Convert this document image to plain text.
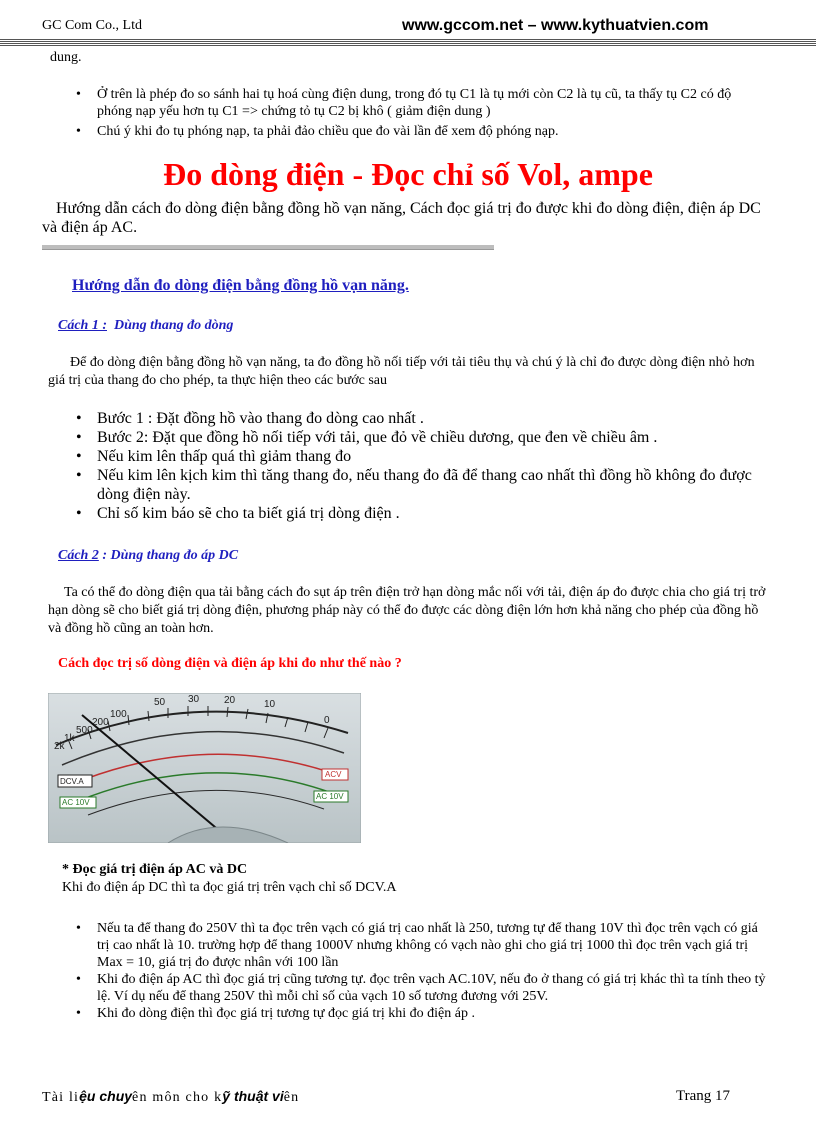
GC Com Co., Ltd	www.gccom.net – www.kythuatvien.com
dung.
• Ở trên là phép đo so sánh hai tụ hoá cùng điện dung, trong đó tụ C1 là tụ mới còn C2 là tụ cũ, ta thấy tụ C2 có độ phóng nạp yếu hơn tụ C1 => chứng tỏ tụ C2 bị khô ( giảm điện dung )
• Chú ý khi đo tụ phóng nạp, ta phải đảo chiều que đo vài lần để xem độ phóng nạp.
Đo dòng điện - Đọc chỉ số Vol, ampe
Hướng dẫn cách đo dòng điện bằng đồng hồ vạn năng, Cách đọc giá trị đo được khi đo dòng điện, điện áp DC và điện áp AC.
Hướng dẫn đo dòng điện bằng đồng hồ vạn năng.
Cách 1 : Dùng thang đo dòng
Để đo dòng điện bằng đồng hồ vạn năng, ta đo đồng hồ nối tiếp với tải tiêu thụ và chú ý là chỉ đo được dòng điện nhỏ hơn giá trị của thang đo cho phép, ta thực hiện theo các bước sau
• Bước 1 : Đặt đồng hồ vào thang đo dòng cao nhất .
• Bước 2: Đặt que đồng hồ nối tiếp với tải, que đỏ về chiều dương, que đen về chiều âm .
• Nếu kim lên thấp quá thì giảm thang đo
• Nếu kim lên kịch kim thì tăng thang đo, nếu thang đo đã để thang cao nhất thì đồng hồ không đo được dòng điện này.
• Chỉ số kim báo sẽ cho ta biết giá trị dòng điện .
Cách 2 : Dùng thang đo áp DC
Ta có thể đo dòng điện qua tải bằng cách đo sụt áp trên điện trở hạn dòng mắc nối với tải, điện áp đo được chia cho giá trị trở hạn dòng sẽ cho biết giá trị dòng điện, phương pháp này có thể đo được các dòng điện lớn hơn khả năng cho phép của đồng hồ và đồng hồ cũng an toàn hơn.
Cách đọc trị số dòng điện và điện áp khi đo như thế nào ?
0
10
20
30
50
100
200
500
1k
2k
DCV.A
AC 10V
ACV
AC 10V
* Đọc giá trị điện áp AC và DC
Khi đo điện áp DC thì ta đọc giá trị trên vạch chỉ số DCV.A
• Nếu ta để thang đo 250V thì ta đọc trên vạch có giá trị cao nhất là 250, tương tự để thang 10V thì đọc trên vạch có giá trị cao nhất là 10. trường hợp để thang 1000V nhưng không có vạch nào ghi cho giá trị 1000 thì đọc trên vạch giá trị Max = 10, giá trị đo được nhân với 100 lần
• Khi đo điện áp AC thì đọc giá trị cũng tương tự. đọc trên vạch AC.10V, nếu đo ở thang có giá trị khác thì ta tính theo tỷ lệ. Ví dụ nếu để thang 250V thì mỗi chỉ số của vạch 10 số tương đương với 25V.
• Khi đo dòng điện thì đọc giá trị tương tự đọc giá trị khi đo điện áp .
Tài liệu chuyên môn cho kỹ thuật viên	Trang 17
